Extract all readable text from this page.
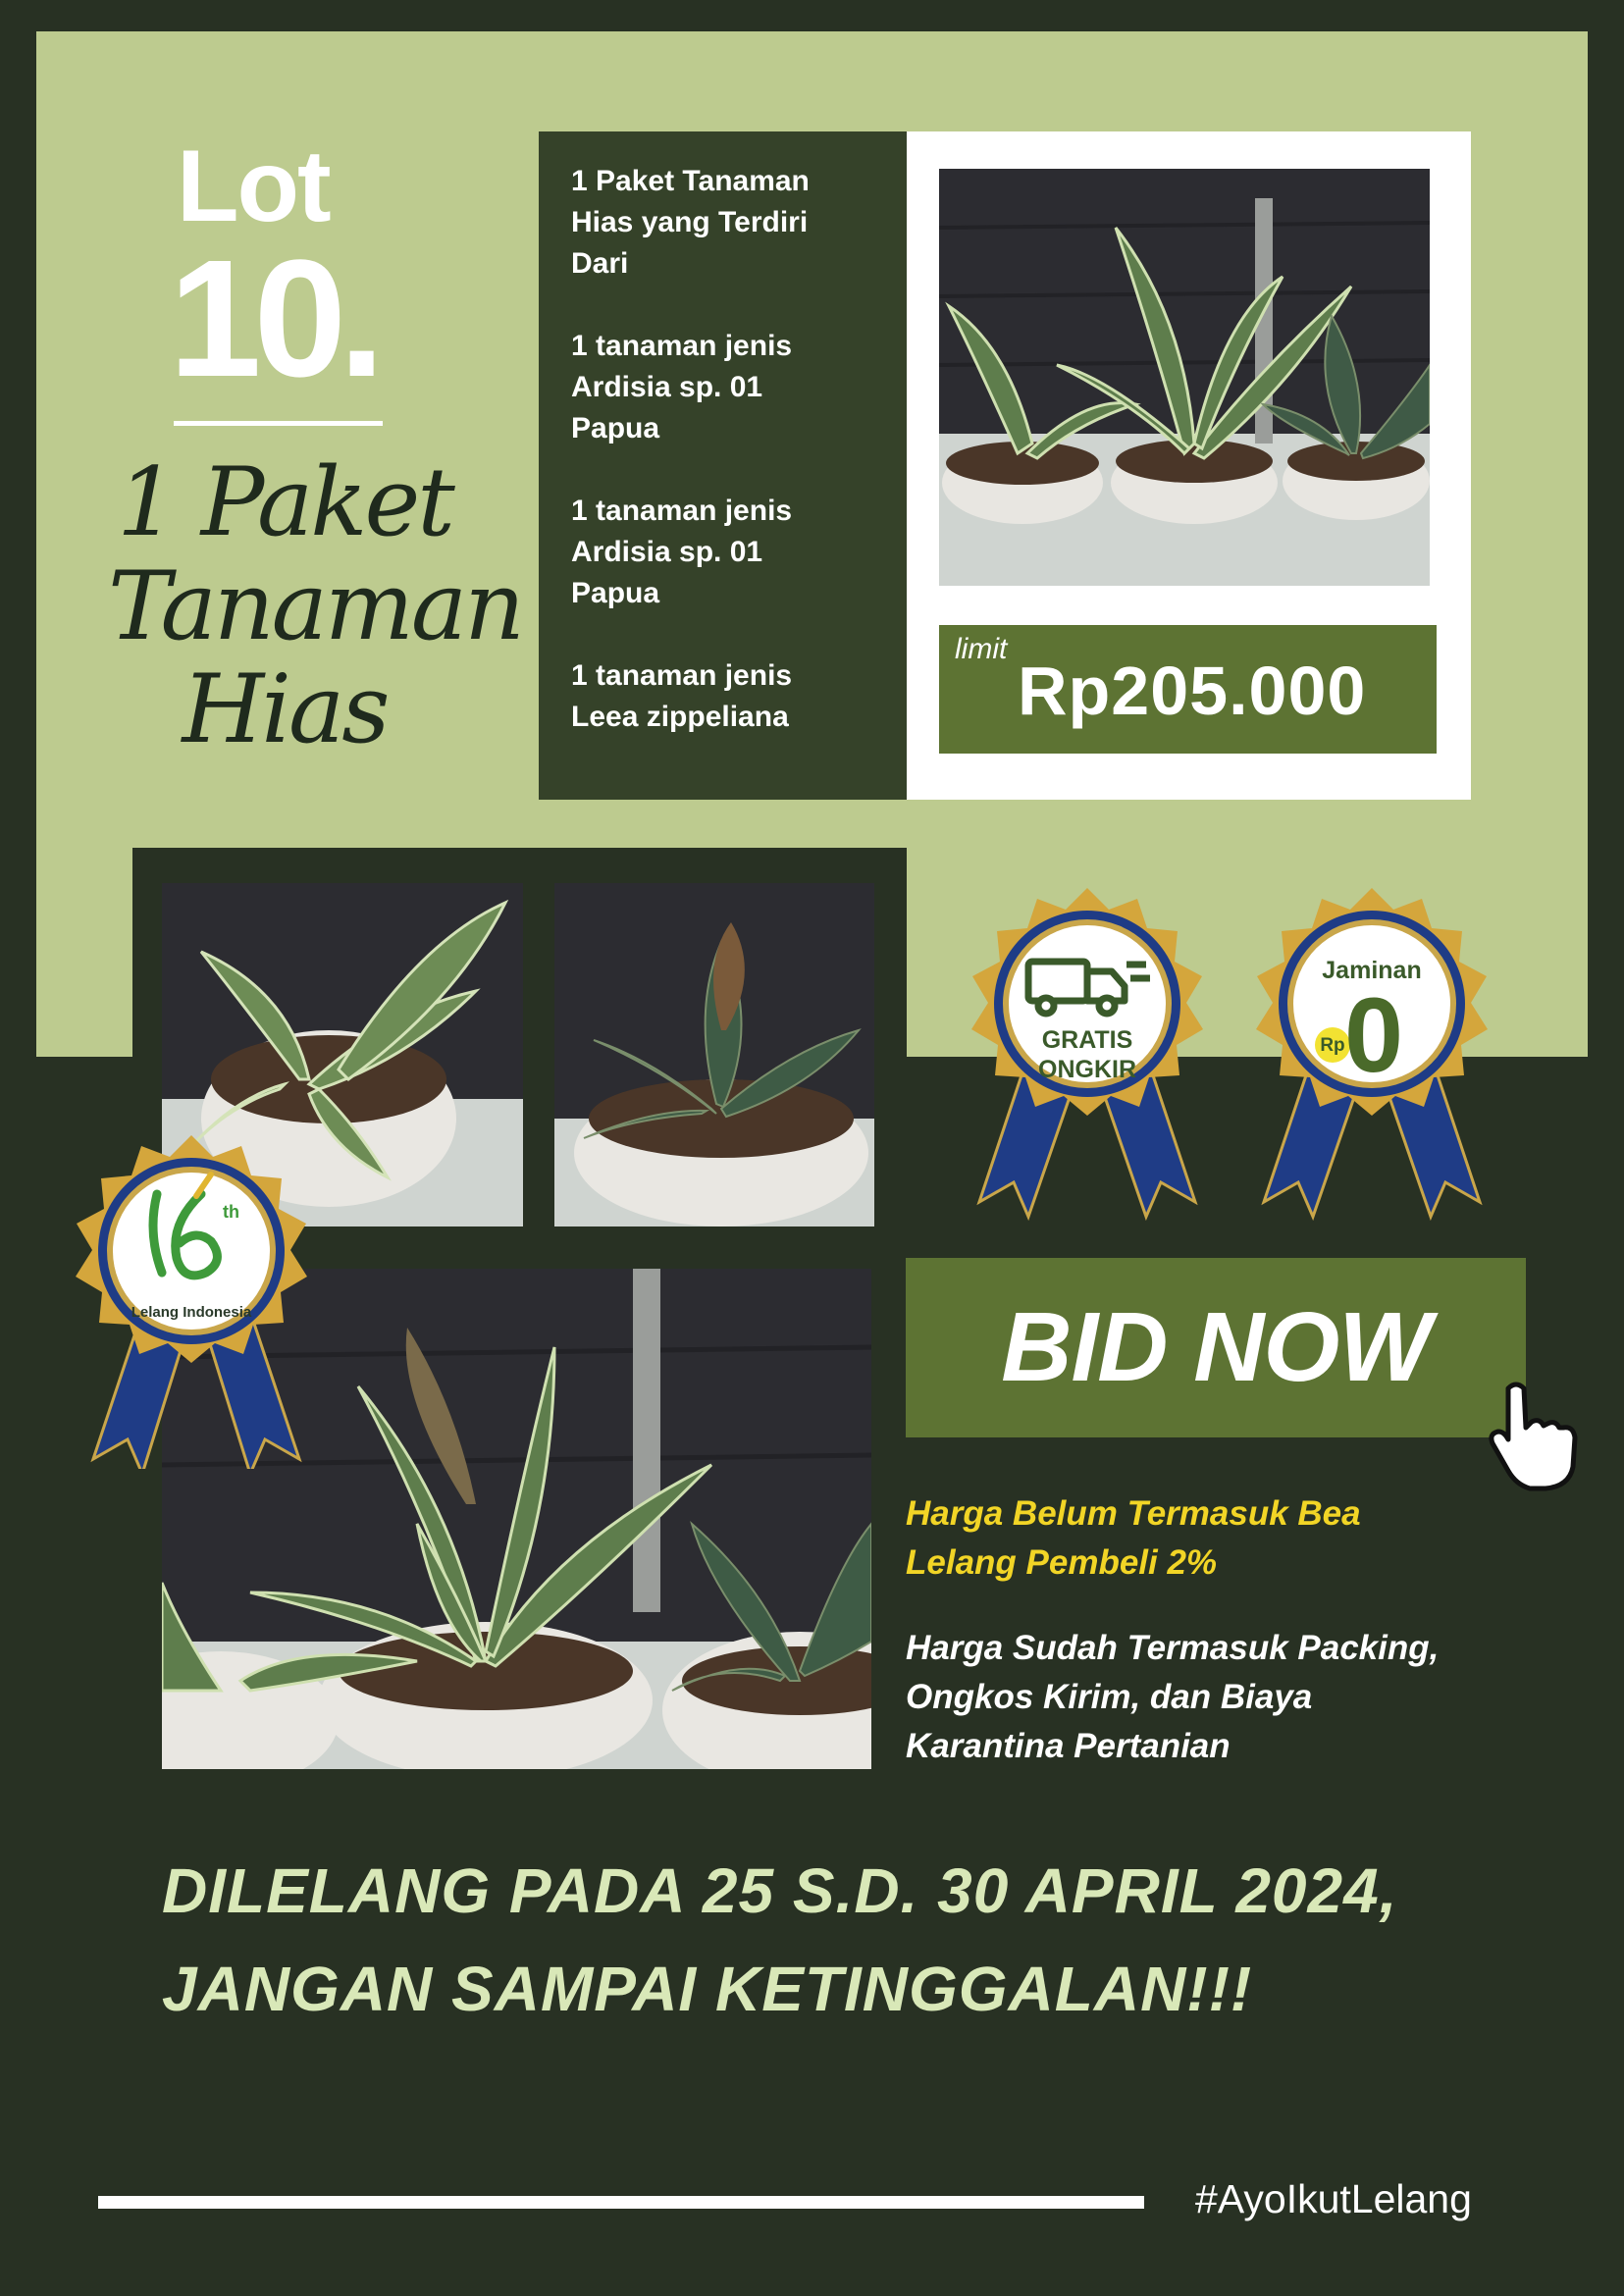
Lot
10.
1 Paket
Tanaman
Hias
1 Paket Tanaman
Hias yang Terdiri
Dari
1 tanaman jenis
Ardisia sp. 01
Papua
1 tanaman jenis
Ardisia sp. 01
Papua
1 tanaman jenis
Leea zippeliana
limit
Rp205.000
GRATIS
ONGKIR
Jaminan
Rp 0
th
Lelang Indonesia	BID NOW
Harga Belum Termasuk Bea
Lelang Pembeli 2%
Harga Sudah Termasuk Packing,
Ongkos Kirim, dan Biaya
Karantina Pertanian
DILELANG PADA 25 S.D. 30 APRIL 2024,
JANGAN SAMPAI KETINGGALAN!!!
#AyoIkutLelang
